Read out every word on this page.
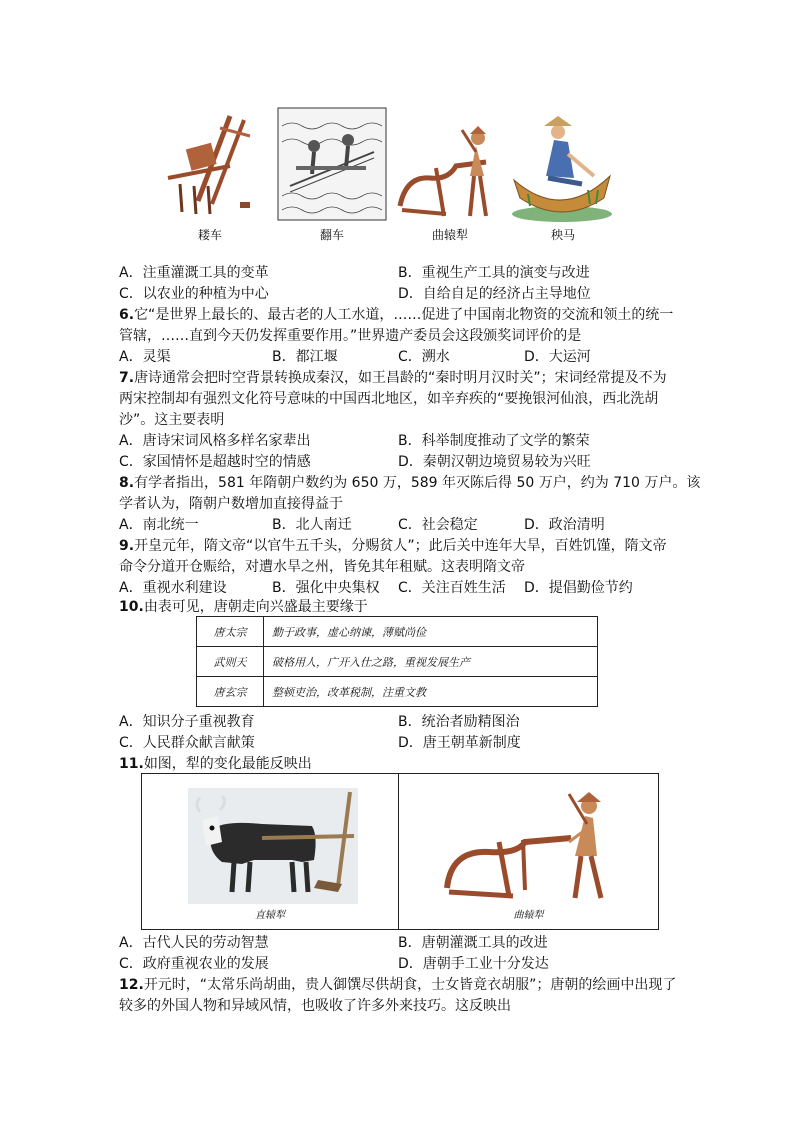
耧车	翻车	曲辕犁	秧马
A．注重灌溉工具的变革	B．重视生产工具的演变与改进
C．以农业的种植为中心	D．自给自足的经济占主导地位
6.它“是世界上最长的、最古老的人工水道，……促进了中国南北物资的交流和领土的统一
管辖，……直到今天仍发挥重要作用。”世界遗产委员会这段颁奖词评价的是
A．灵渠	B．都江堰	C．溯水	D．大运河
7.唐诗通常会把时空背景转换成秦汉，如王昌龄的“秦时明月汉时关”；宋词经常提及不为
两宋控制却有强烈文化符号意味的中国西北地区，如辛弃疾的“要挽银河仙浪，西北洗胡
沙”。这主要表明
A．唐诗宋词风格多样名家辈出	B．科举制度推动了文学的繁荣
C．家国情怀是超越时空的情感	D．秦朝汉朝边境贸易较为兴旺
8.有学者指出，581 年隋朝户数约为 650 万，589 年灭陈后得 50 万户，约为 710 万户。该
学者认为，隋朝户数增加直接得益于
A．南北统一	B．北人南迁	C．社会稳定	D．政治清明
9.开皇元年，隋文帝“以官牛五千头，分赐贫人”；此后关中连年大旱，百姓饥馑，隋文帝
命令分道开仓赈给，对遭水旱之州，皆免其年租赋。这表明隋文帝
A．重视水利建设	B．强化中央集权 C．关注百姓生活 D．提倡勤俭节约
10.由表可见，唐朝走向兴盛最主要缘于
唐太宗	勤于政事，虚心纳谏，薄赋尚俭
武则天	破格用人，广开入仕之路，重视发展生产
唐玄宗	整顿吏治，改革税制，注重文教
A．知识分子重视教育	B．统治者励精图治
C．人民群众献言献策	D．唐王朝革新制度
11.如图，犁的变化最能反映出
直辕犁	曲辕犁
A．古代人民的劳动智慧	B．唐朝灌溉工具的改进
C．政府重视农业的发展	D．唐朝手工业十分发达
12.开元时，“太常乐尚胡曲，贵人御馔尽供胡食，士女皆竟衣胡服”；唐朝的绘画中出现了
较多的外国人物和异域风情，也吸收了许多外来技巧。这反映出
